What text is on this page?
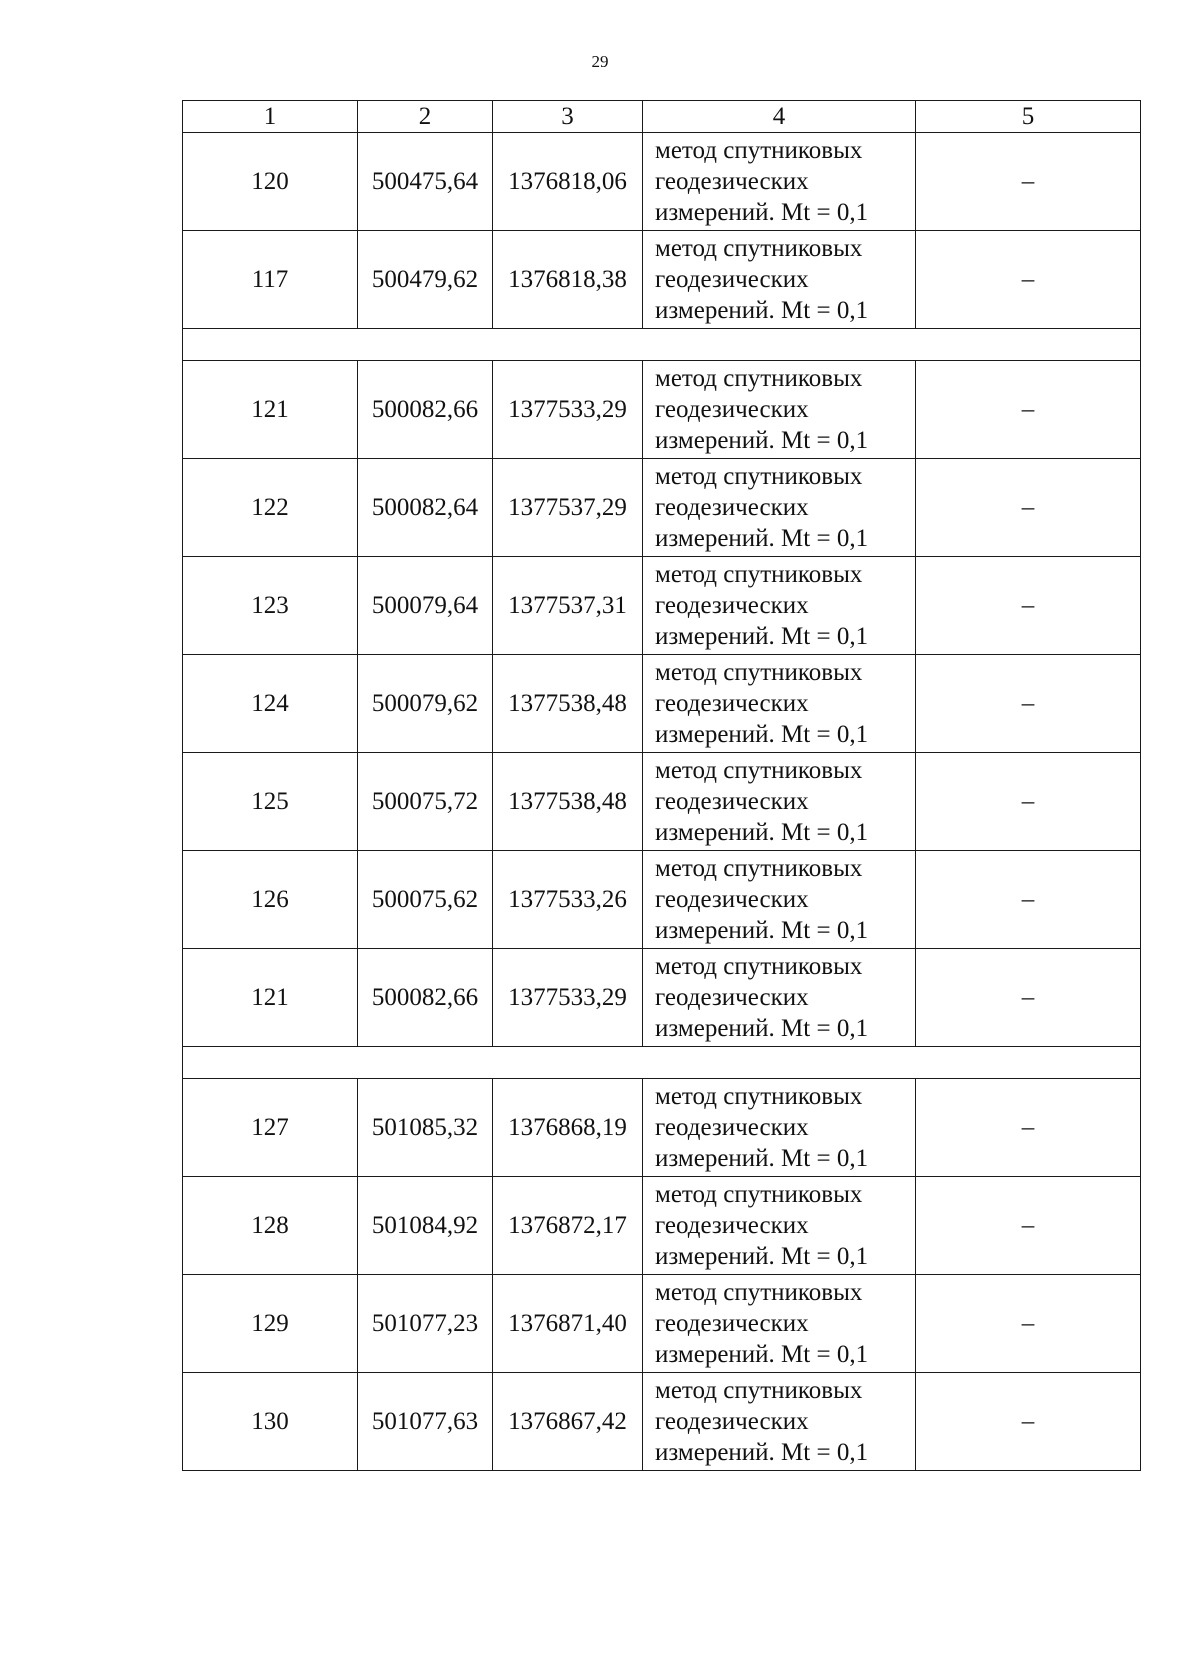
29
1	2	3	4	5
120	500475,64	1376818,06	метод спутниковых
геодезических
измерений. Mt = 0,1	–
117	500479,62	1376818,38	метод спутниковых
геодезических
измерений. Mt = 0,1	–

121	500082,66	1377533,29	метод спутниковых
геодезических
измерений. Mt = 0,1	–
122	500082,64	1377537,29	метод спутниковых
геодезических
измерений. Mt = 0,1	–
123	500079,64	1377537,31	метод спутниковых
геодезических
измерений. Mt = 0,1	–
124	500079,62	1377538,48	метод спутниковых
геодезических
измерений. Mt = 0,1	–
125	500075,72	1377538,48	метод спутниковых
геодезических
измерений. Mt = 0,1	–
126	500075,62	1377533,26	метод спутниковых
геодезических
измерений. Mt = 0,1	–
121	500082,66	1377533,29	метод спутниковых
геодезических
измерений. Mt = 0,1	–

127	501085,32	1376868,19	метод спутниковых
геодезических
измерений. Mt = 0,1	–
128	501084,92	1376872,17	метод спутниковых
геодезических
измерений. Mt = 0,1	–
129	501077,23	1376871,40	метод спутниковых
геодезических
измерений. Mt = 0,1	–
130	501077,63	1376867,42	метод спутниковых
геодезических
измерений. Mt = 0,1	–
